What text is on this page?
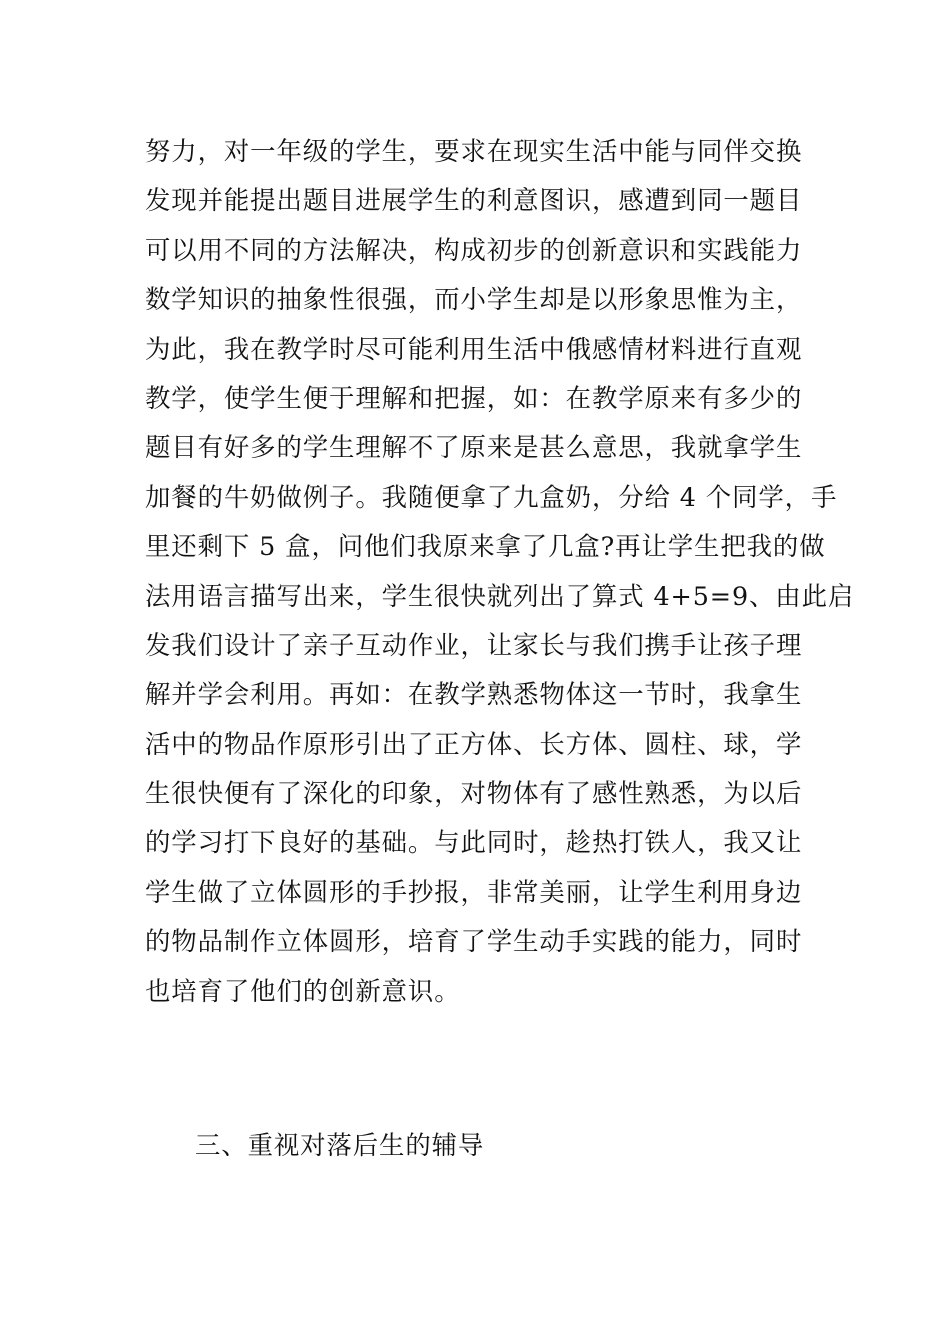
努力，对一年级的学生，要求在现实生活中能与同伴交换
发现并能提出题目进展学生的利意图识，感遭到同一题目
可以用不同的方法解决，构成初步的创新意识和实践能力
数学知识的抽象性很强，而小学生却是以形象思惟为主，
为此，我在教学时尽可能利用生活中俄感情材料进行直观
教学，使学生便于理解和把握，如：在教学原来有多少的
题目有好多的学生理解不了原来是甚么意思，我就拿学生
加餐的牛奶做例子。我随便拿了九盒奶，分给 4 个同学，手
里还剩下 5 盒，问他们我原来拿了几盒?再让学生把我的做
法用语言描写出来，学生很快就列出了算式 4+5=9、由此启
发我们设计了亲子互动作业，让家长与我们携手让孩子理
解并学会利用。再如：在教学熟悉物体这一节时，我拿生
活中的物品作原形引出了正方体、长方体、圆柱、球，学
生很快便有了深化的印象，对物体有了感性熟悉，为以后
的学习打下良好的基础。与此同时，趁热打铁人，我又让
学生做了立体圆形的手抄报，非常美丽，让学生利用身边
的物品制作立体圆形，培育了学生动手实践的能力，同时
也培育了他们的创新意识。
三、重视对落后生的辅导
